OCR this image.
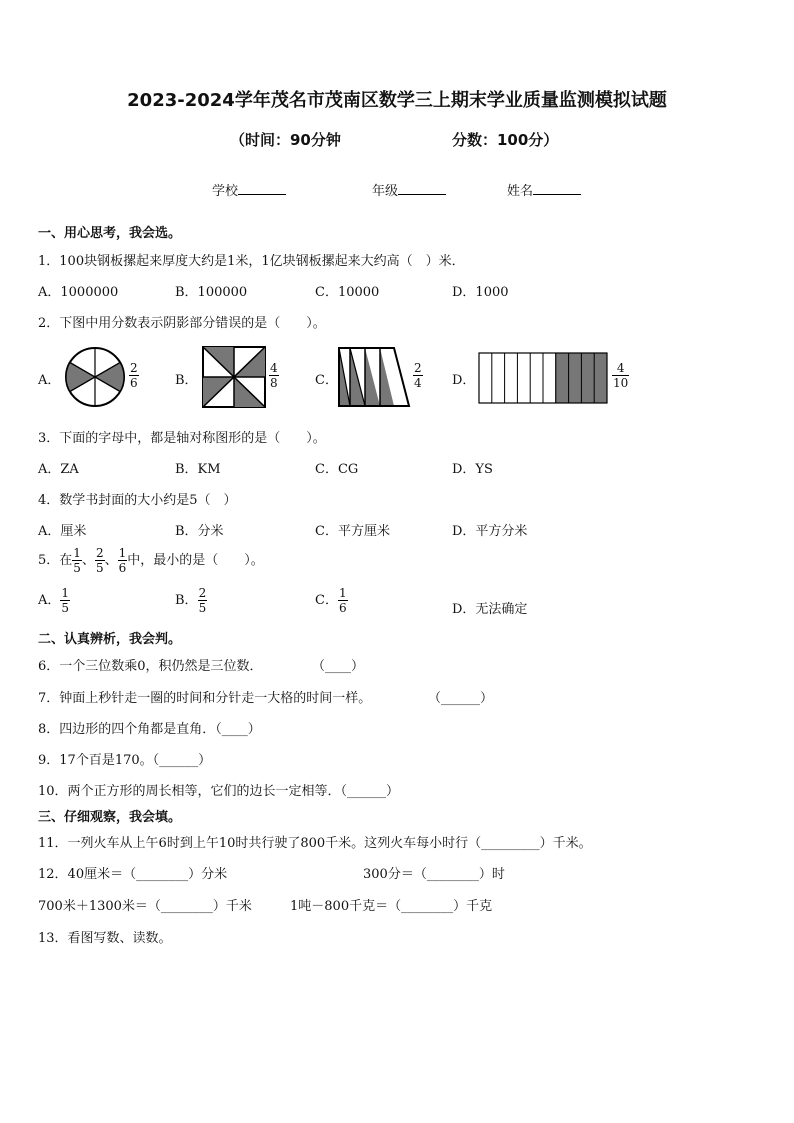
2023-2024学年茂名市茂南区数学三上期末学业质量监测模拟试题
（时间：90分钟	分数：100分）
学校	年级	姓名
一、用心思考，我会选。
1．100块钢板摞起来厚度大约是1米，1亿块钢板摞起来大约高（　）米．
A．1000000	B．100000	C．10000	D．1000
2．下图中用分数表示阴影部分错误的是（　　）。
A．	$\frac{2}{6}$	B．	$\frac{4}{8}$	C．	$\frac{2}{4}$ D．	$\frac{4}{10}$
3．下面的字母中，都是轴对称图形的是（　　）。
A．ZA	B．KM	C．CG	D．YS
4．数学书封面的大小约是5（　）
A．厘米	B．分米	C．平方厘米	D．平方分米
5．在 $\frac{1}{5}$ 、 $\frac{2}{5}$ 、 $\frac{1}{6}$ 中，最小的是（　　）。
A． $\frac{1}{5}$	B． $\frac{2}{5}$	C． $\frac{1}{6}$	D．无法确定
二、认真辨析，我会判。
6．一个三位数乘0，积仍然是三位数．	（____）
7．钟面上秒针走一圈的时间和分针走一大格的时间一样。	（______）
8．四边形的四个角都是直角．（____）
9．17个百是170。（______）
10．两个正方形的周长相等，它们的边长一定相等．（______）
三、仔细观察，我会填。
11．一列火车从上午6时到上午10时共行驶了800千米。这列火车每小时行（_________）千米。
12．40厘米＝（________）分米	300分＝（________）时
700米＋1300米＝（________）千米	1吨－800千克＝（________）千克
13．看图写数、读数。
